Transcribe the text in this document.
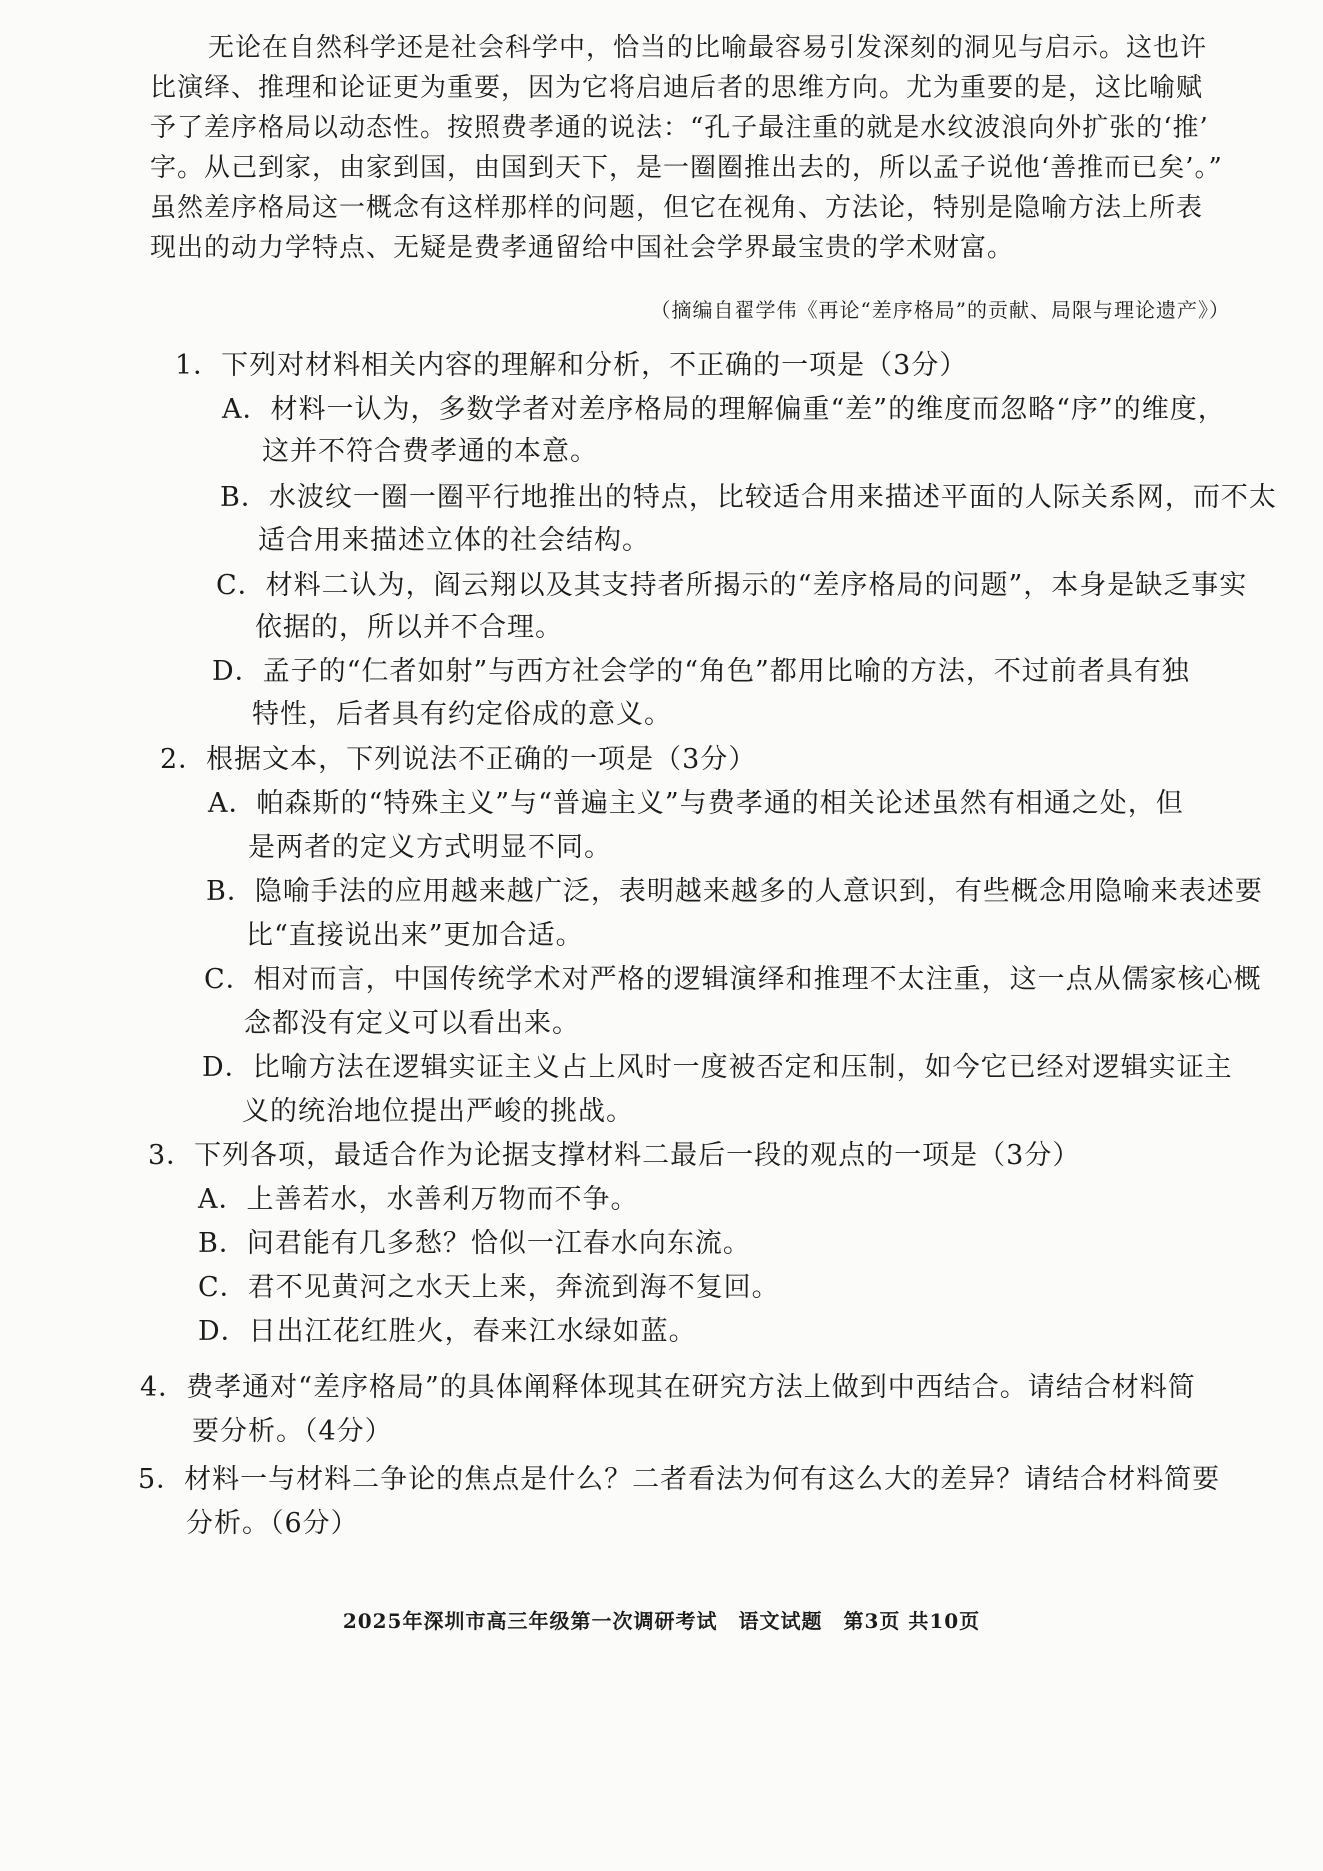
无论在自然科学还是社会科学中，恰当的比喻最容易引发深刻的洞见与启示。这也许
比演绎、推理和论证更为重要，因为它将启迪后者的思维方向。尤为重要的是，这比喻赋
予了差序格局以动态性。按照费孝通的说法：“孔子最注重的就是水纹波浪向外扩张的‘推’
字。从己到家，由家到国，由国到天下，是一圈圈推出去的，所以孟子说他‘善推而已矣’。”
虽然差序格局这一概念有这样那样的问题，但它在视角、方法论，特别是隐喻方法上所表
现出的动力学特点、无疑是费孝通留给中国社会学界最宝贵的学术财富。
（摘编自翟学伟《再论“差序格局”的贡献、局限与理论遗产》）
1．下列对材料相关内容的理解和分析，不正确的一项是（3分）
A．材料一认为，多数学者对差序格局的理解偏重“差”的维度而忽略“序”的维度，
这并不符合费孝通的本意。
B．水波纹一圈一圈平行地推出的特点，比较适合用来描述平面的人际关系网，而不太
适合用来描述立体的社会结构。
C．材料二认为，阎云翔以及其支持者所揭示的“差序格局的问题”，本身是缺乏事实
依据的，所以并不合理。
D．孟子的“仁者如射”与西方社会学的“角色”都用比喻的方法，不过前者具有独
特性，后者具有约定俗成的意义。
2．根据文本，下列说法不正确的一项是（3分）
A．帕森斯的“特殊主义”与“普遍主义”与费孝通的相关论述虽然有相通之处，但
是两者的定义方式明显不同。
B．隐喻手法的应用越来越广泛，表明越来越多的人意识到，有些概念用隐喻来表述要
比“直接说出来”更加合适。
C．相对而言，中国传统学术对严格的逻辑演绎和推理不太注重，这一点从儒家核心概
念都没有定义可以看出来。
D．比喻方法在逻辑实证主义占上风时一度被否定和压制，如今它已经对逻辑实证主
义的统治地位提出严峻的挑战。
3．下列各项，最适合作为论据支撑材料二最后一段的观点的一项是（3分）
A．上善若水，水善利万物而不争。
B．问君能有几多愁？恰似一江春水向东流。
C．君不见黄河之水天上来，奔流到海不复回。
D．日出江花红胜火，春来江水绿如蓝。
4．费孝通对“差序格局”的具体阐释体现其在研究方法上做到中西结合。请结合材料简
要分析。（4分）
5．材料一与材料二争论的焦点是什么？二者看法为何有这么大的差异？请结合材料简要
分析。（6分）
2025年深圳市高三年级第一次调研考试　语文试题　第3页 共10页
